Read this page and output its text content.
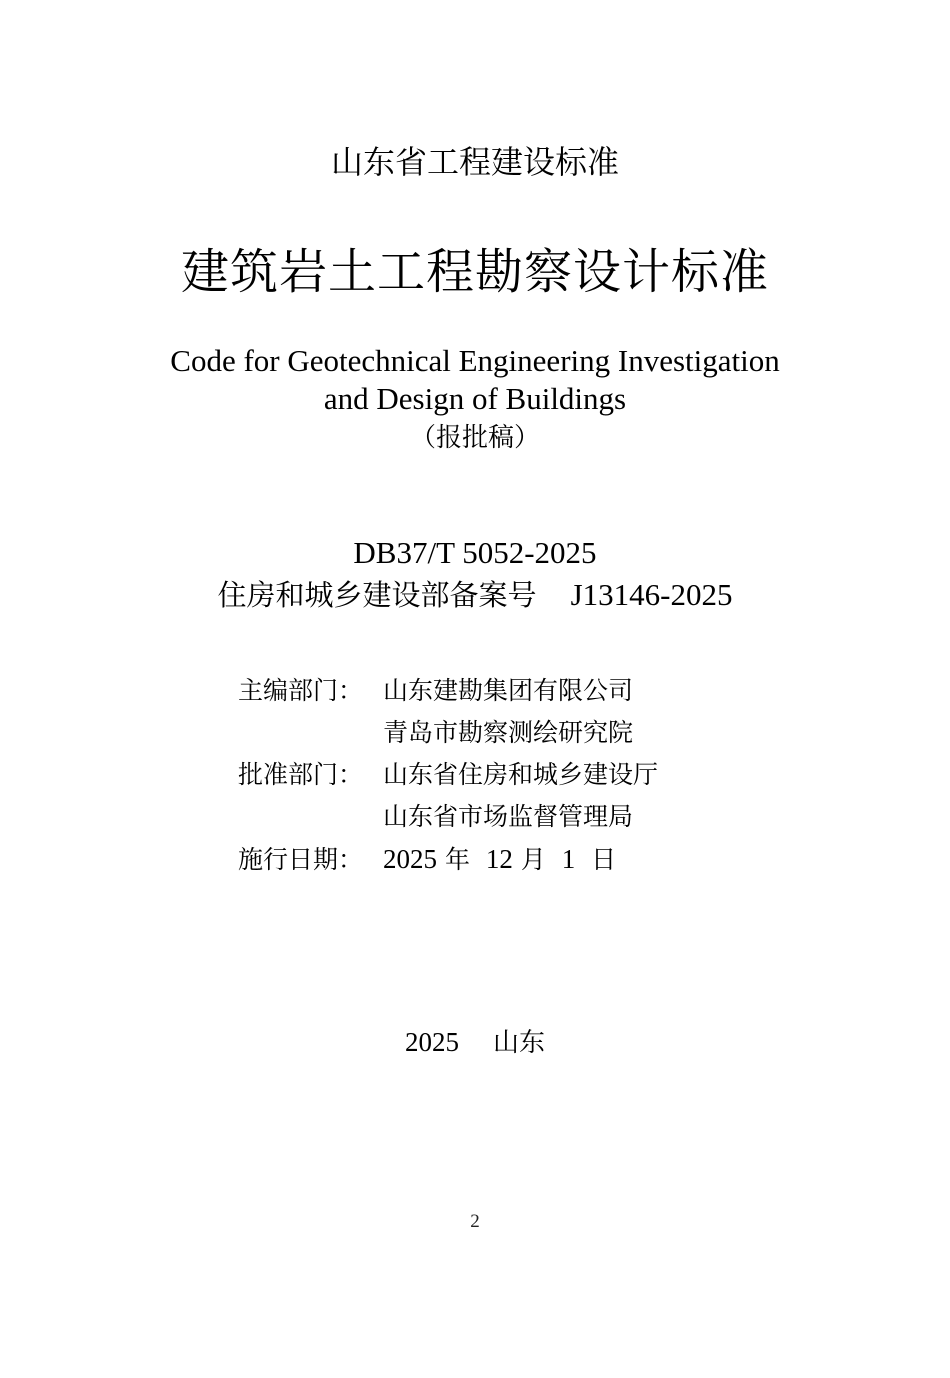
山东省工程建设标准
建筑岩土工程勘察设计标准
Code for Geotechnical Engineering Investigation
and Design of Buildings
（报批稿）
DB37/T 5052-2025
住房和城乡建设部备案号 J13146-2025
主编部门： 山东建勘集团有限公司
青岛市勘察测绘研究院
批准部门： 山东省住房和城乡建设厅
山东省市场监督管理局
施行日期： 2025 年 12 月 1 日
2025 山东
2
